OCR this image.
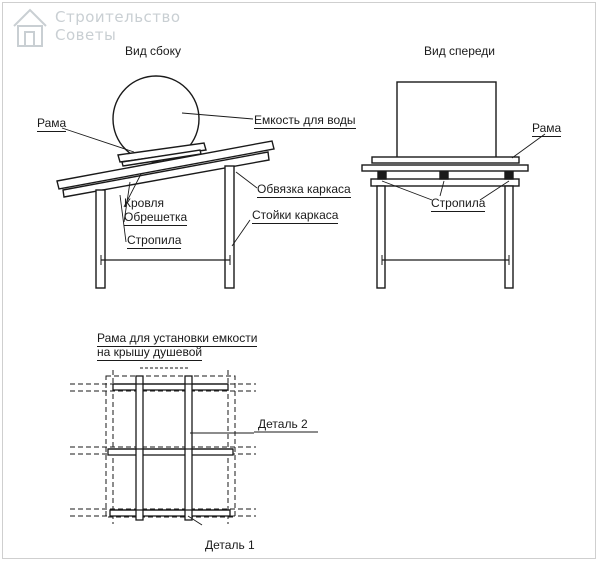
Строительство
Советы
Вид сбоку
Рама	Емкость для воды
Кровля
Обрешетка
Стропила
Обвязка каркаса
Стойки каркаса
Вид спереди
Рама
Стропила
Рама для установки емкости
на крышу душевой
Деталь 2
Деталь 1
